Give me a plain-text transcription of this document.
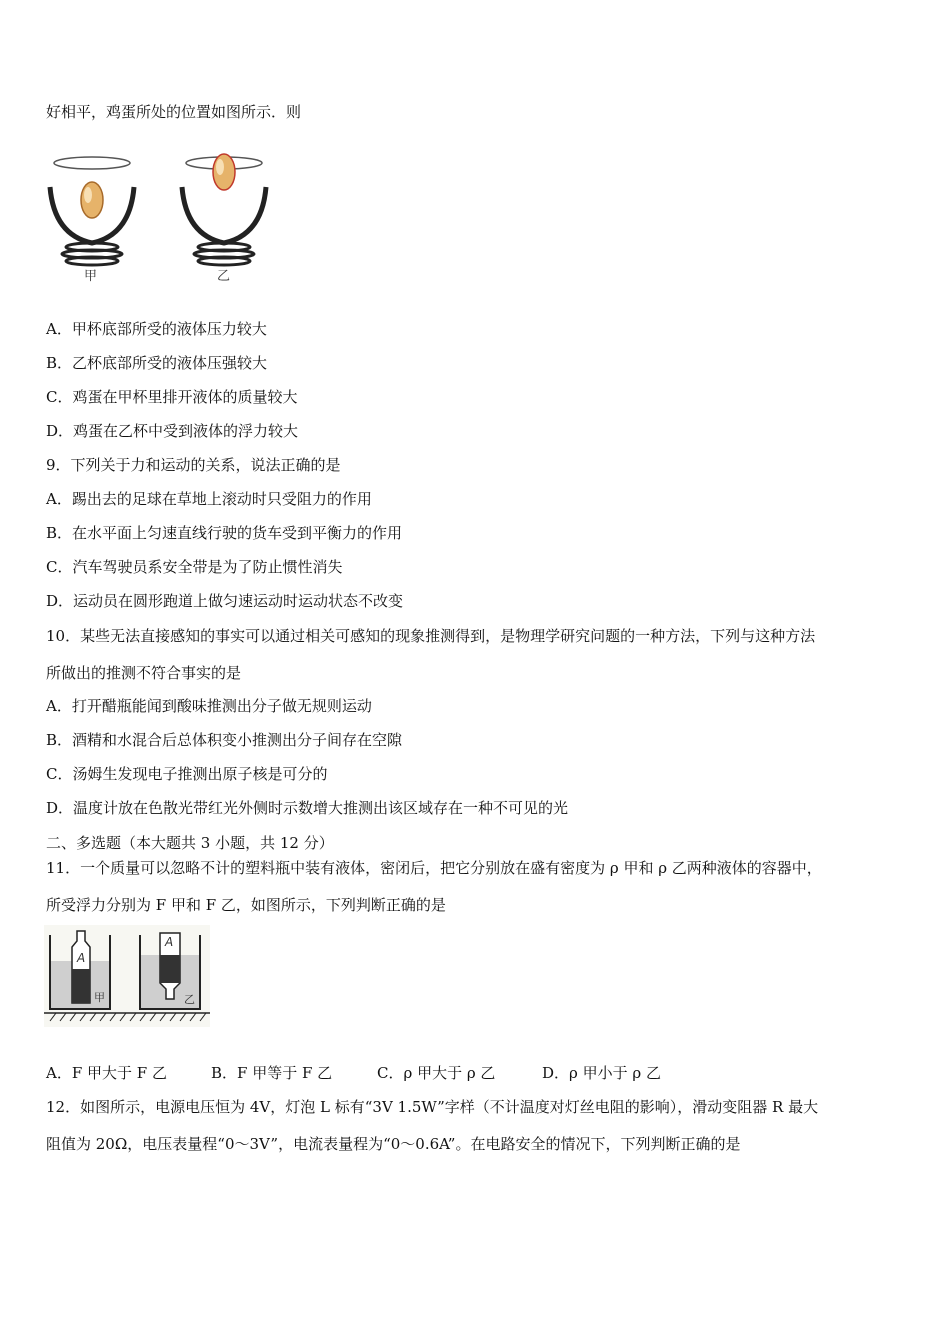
好相平，鸡蛋所处的位置如图所示．则
甲	乙
A．甲杯底部所受的液体压力较大
B．乙杯底部所受的液体压强较大
C．鸡蛋在甲杯里排开液体的质量较大
D．鸡蛋在乙杯中受到液体的浮力较大
9．下列关于力和运动的关系，说法正确的是
A．踢出去的足球在草地上滚动时只受阻力的作用
B．在水平面上匀速直线行驶的货车受到平衡力的作用
C．汽车驾驶员系安全带是为了防止惯性消失
D．运动员在圆形跑道上做匀速运动时运动状态不改变
10．某些无法直接感知的事实可以通过相关可感知的现象推测得到，是物理学研究问题的一种方法，下列与这种方法
所做出的推测不符合事实的是
A．打开醋瓶能闻到酸味推测出分子做无规则运动
B．酒精和水混合后总体积变小推测出分子间存在空隙
C．汤姆生发现电子推测出原子核是可分的
D．温度计放在色散光带红光外侧时示数增大推测出该区域存在一种不可见的光
二、多选题（本大题共 3 小题，共 12 分）
11．一个质量可以忽略不计的塑料瓶中装有液体，密闭后，把它分别放在盛有密度为 ρ 甲和 ρ 乙两种液体的容器中，
所受浮力分别为 F 甲和 F 乙，如图所示，下列判断正确的是
A
A
甲	乙
A．F 甲大于 F 乙	B．F 甲等于 F 乙	C．ρ 甲大于 ρ 乙	D．ρ 甲小于 ρ 乙
12．如图所示，电源电压恒为 4V，灯泡 L 标有“3V 1.5W”字样（不计温度对灯丝电阻的影响），滑动变阻器 R 最大
阻值为 20Ω，电压表量程“0～3V”，电流表量程为“0～0.6A”。在电路安全的情况下，下列判断正确的是
